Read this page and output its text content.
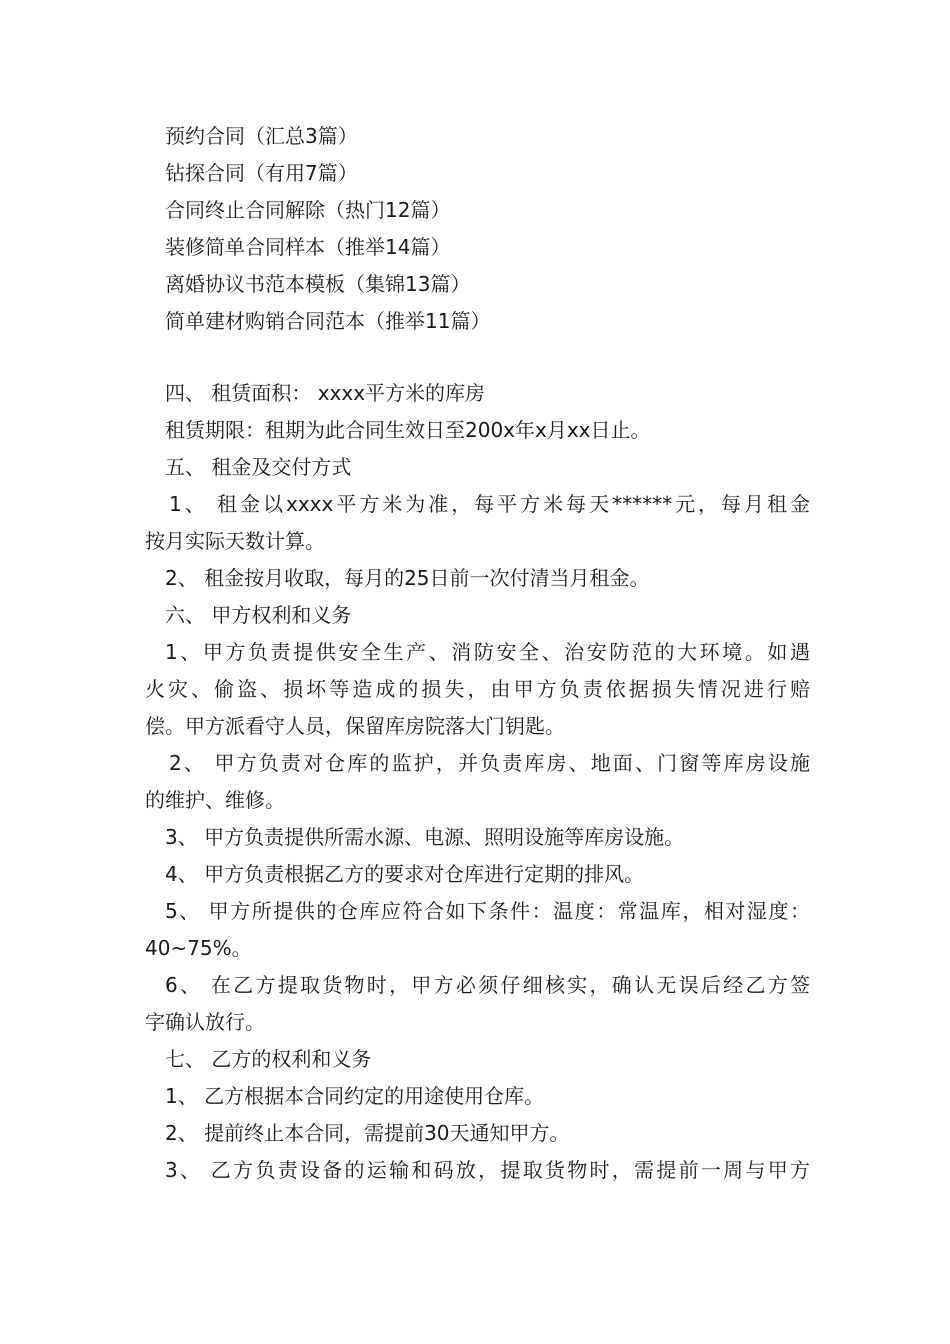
预约合同（汇总3篇）
钻探合同（有用7篇）
合同终止合同解除（热门12篇）
装修简单合同样本（推举14篇）
离婚协议书范本模板（集锦13篇）
简单建材购销合同范本（推举11篇）
四、 租赁面积： xxxx平方米的库房
租赁期限：租期为此合同生效日至200x年x月xx日止。
五、 租金及交付方式
1、 租金以xxxx平方米为准，每平方米每天******元，每月租金
按月实际天数计算。
2、 租金按月收取，每月的25日前一次付清当月租金。
六、 甲方权利和义务
1、甲方负责提供安全生产、消防安全、治安防范的大环境。如遇
火灾、偷盗、损坏等造成的损失，由甲方负责依据损失情况进行赔
偿。甲方派看守人员，保留库房院落大门钥匙。
2、 甲方负责对仓库的监护，并负责库房、地面、门窗等库房设施
的维护、维修。
3、 甲方负责提供所需水源、电源、照明设施等库房设施。
4、 甲方负责根据乙方的要求对仓库进行定期的排风。
5、 甲方所提供的仓库应符合如下条件：温度：常温库，相对湿度：
40~75%。
6、 在乙方提取货物时，甲方必须仔细核实，确认无误后经乙方签
字确认放行。
七、 乙方的权利和义务
1、 乙方根据本合同约定的用途使用仓库。
2、 提前终止本合同，需提前30天通知甲方。
3、 乙方负责设备的运输和码放，提取货物时，需提前一周与甲方
